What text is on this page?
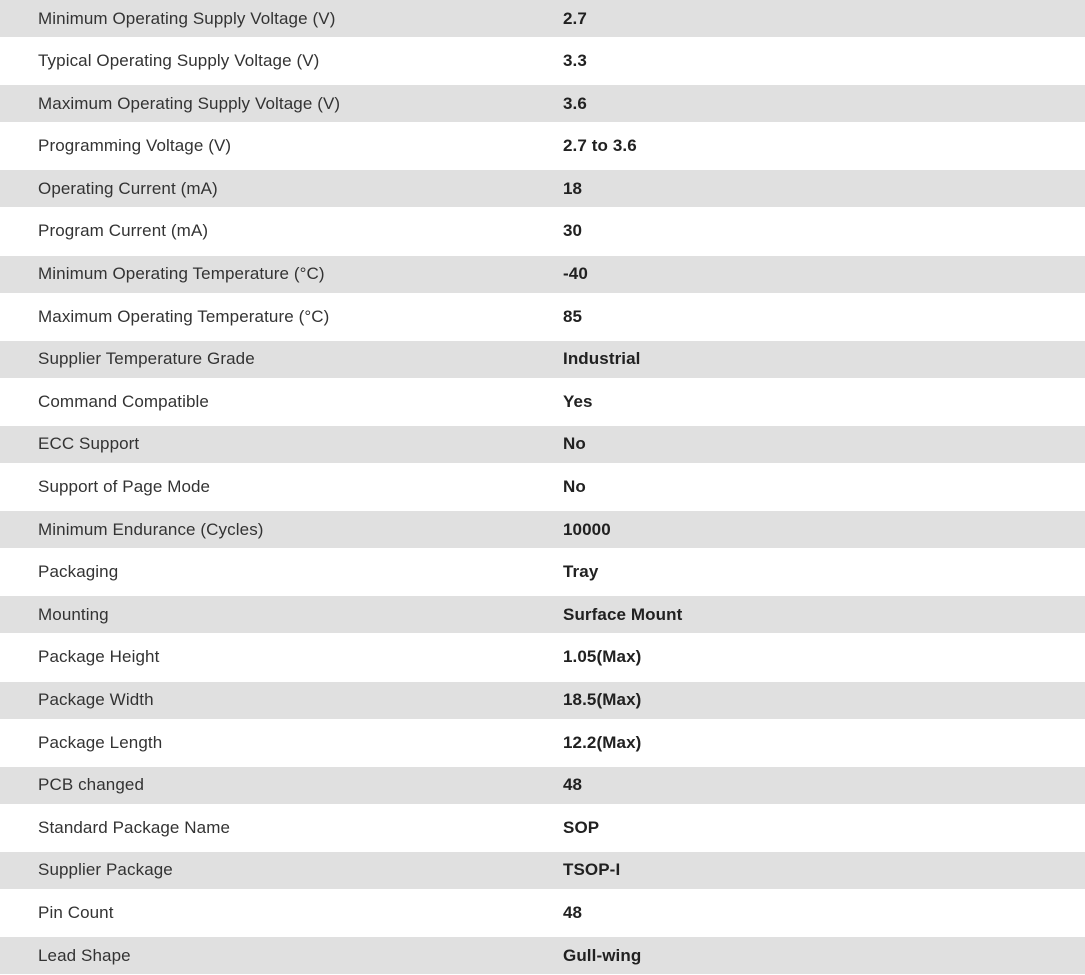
Minimum Operating Supply Voltage (V)	2.7
Typical Operating Supply Voltage (V)	3.3
Maximum Operating Supply Voltage (V)	3.6
Programming Voltage (V)	2.7 to 3.6
Operating Current (mA)	18
Program Current (mA)	30
Minimum Operating Temperature (°C)	-40
Maximum Operating Temperature (°C)	85
Supplier Temperature Grade	Industrial
Command Compatible	Yes
ECC Support	No
Support of Page Mode	No
Minimum Endurance (Cycles)	10000
Packaging	Tray
Mounting	Surface Mount
Package Height	1.05(Max)
Package Width	18.5(Max)
Package Length	12.2(Max)
PCB changed	48
Standard Package Name	SOP
Supplier Package	TSOP-I
Pin Count	48
Lead Shape	Gull-wing
